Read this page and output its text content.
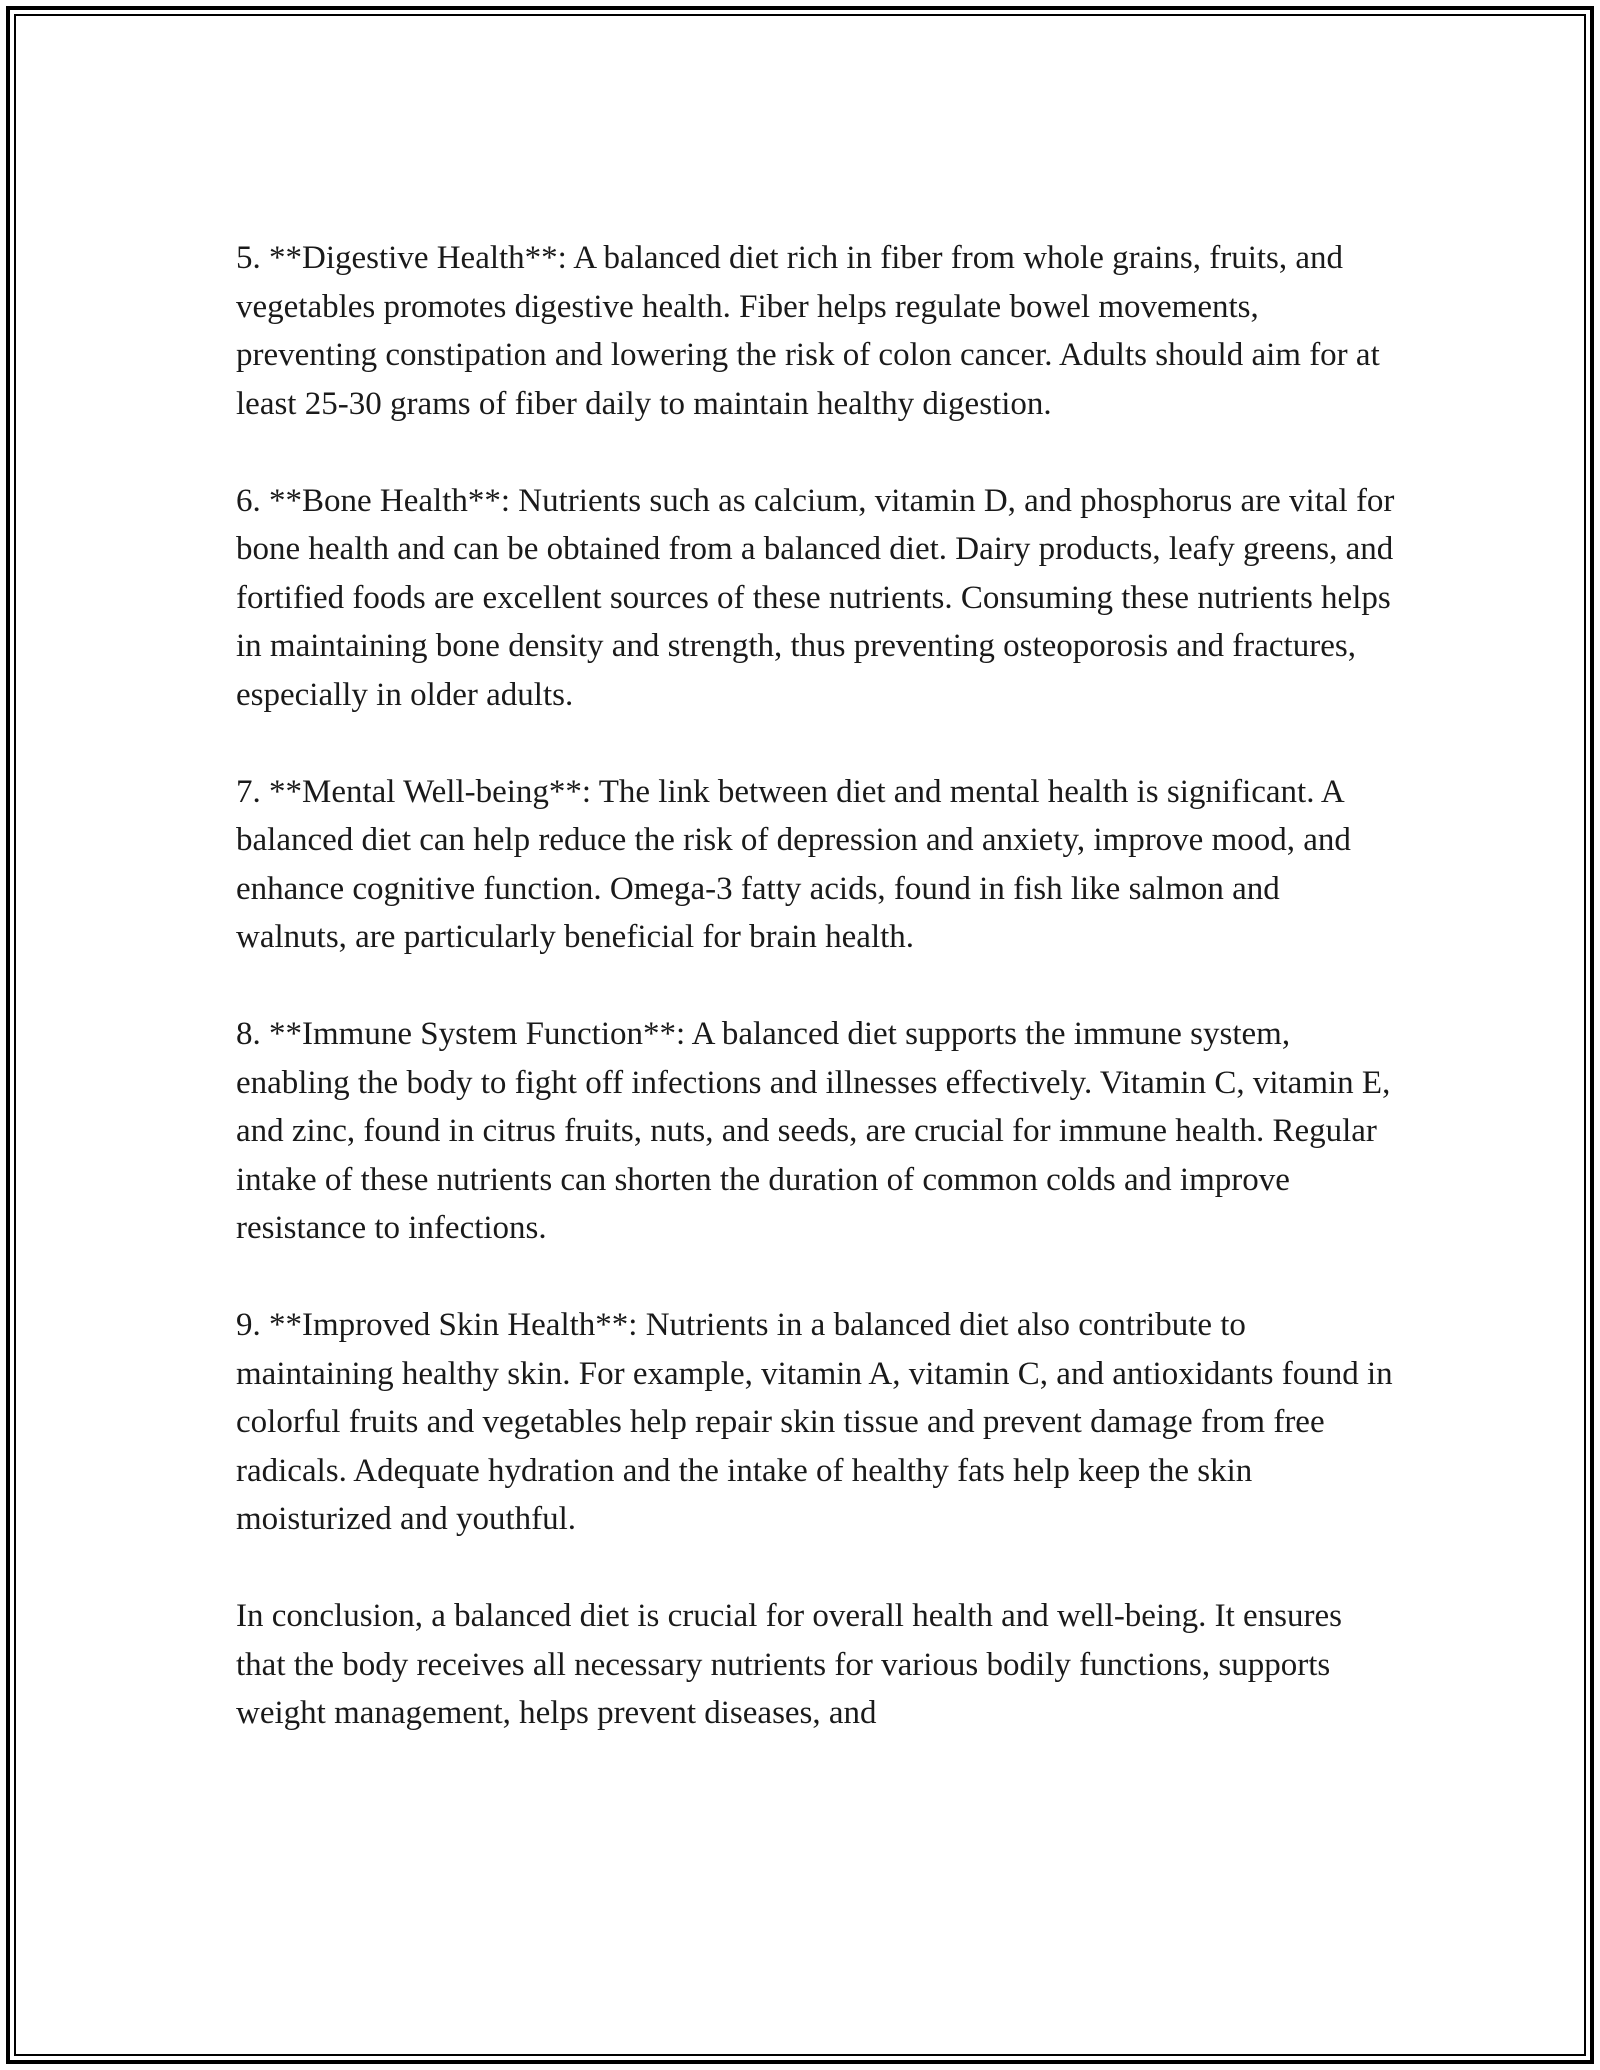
5. **Digestive Health**: A balanced diet rich in fiber from whole grains, fruits, and vegetables promotes digestive health. Fiber helps regulate bowel movements, preventing constipation and lowering the risk of colon cancer. Adults should aim for at least 25-30 grams of fiber daily to maintain healthy digestion.

6. **Bone Health**: Nutrients such as calcium, vitamin D, and phosphorus are vital for bone health and can be obtained from a balanced diet. Dairy products, leafy greens, and fortified foods are excellent sources of these nutrients. Consuming these nutrients helps in maintaining bone density and strength, thus preventing osteoporosis and fractures, especially in older adults.

7. **Mental Well-being**: The link between diet and mental health is significant. A balanced diet can help reduce the risk of depression and anxiety, improve mood, and enhance cognitive function. Omega-3 fatty acids, found in fish like salmon and walnuts, are particularly beneficial for brain health.

8. **Immune System Function**: A balanced diet supports the immune system, enabling the body to fight off infections and illnesses effectively. Vitamin C, vitamin E, and zinc, found in citrus fruits, nuts, and seeds, are crucial for immune health. Regular intake of these nutrients can shorten the duration of common colds and improve resistance to infections.

9. **Improved Skin Health**: Nutrients in a balanced diet also contribute to maintaining healthy skin. For example, vitamin A, vitamin C, and antioxidants found in colorful fruits and vegetables help repair skin tissue and prevent damage from free radicals. Adequate hydration and the intake of healthy fats help keep the skin moisturized and youthful.

In conclusion, a balanced diet is crucial for overall health and well-being. It ensures that the body receives all necessary nutrients for various bodily functions, supports weight management, helps prevent diseases, and
